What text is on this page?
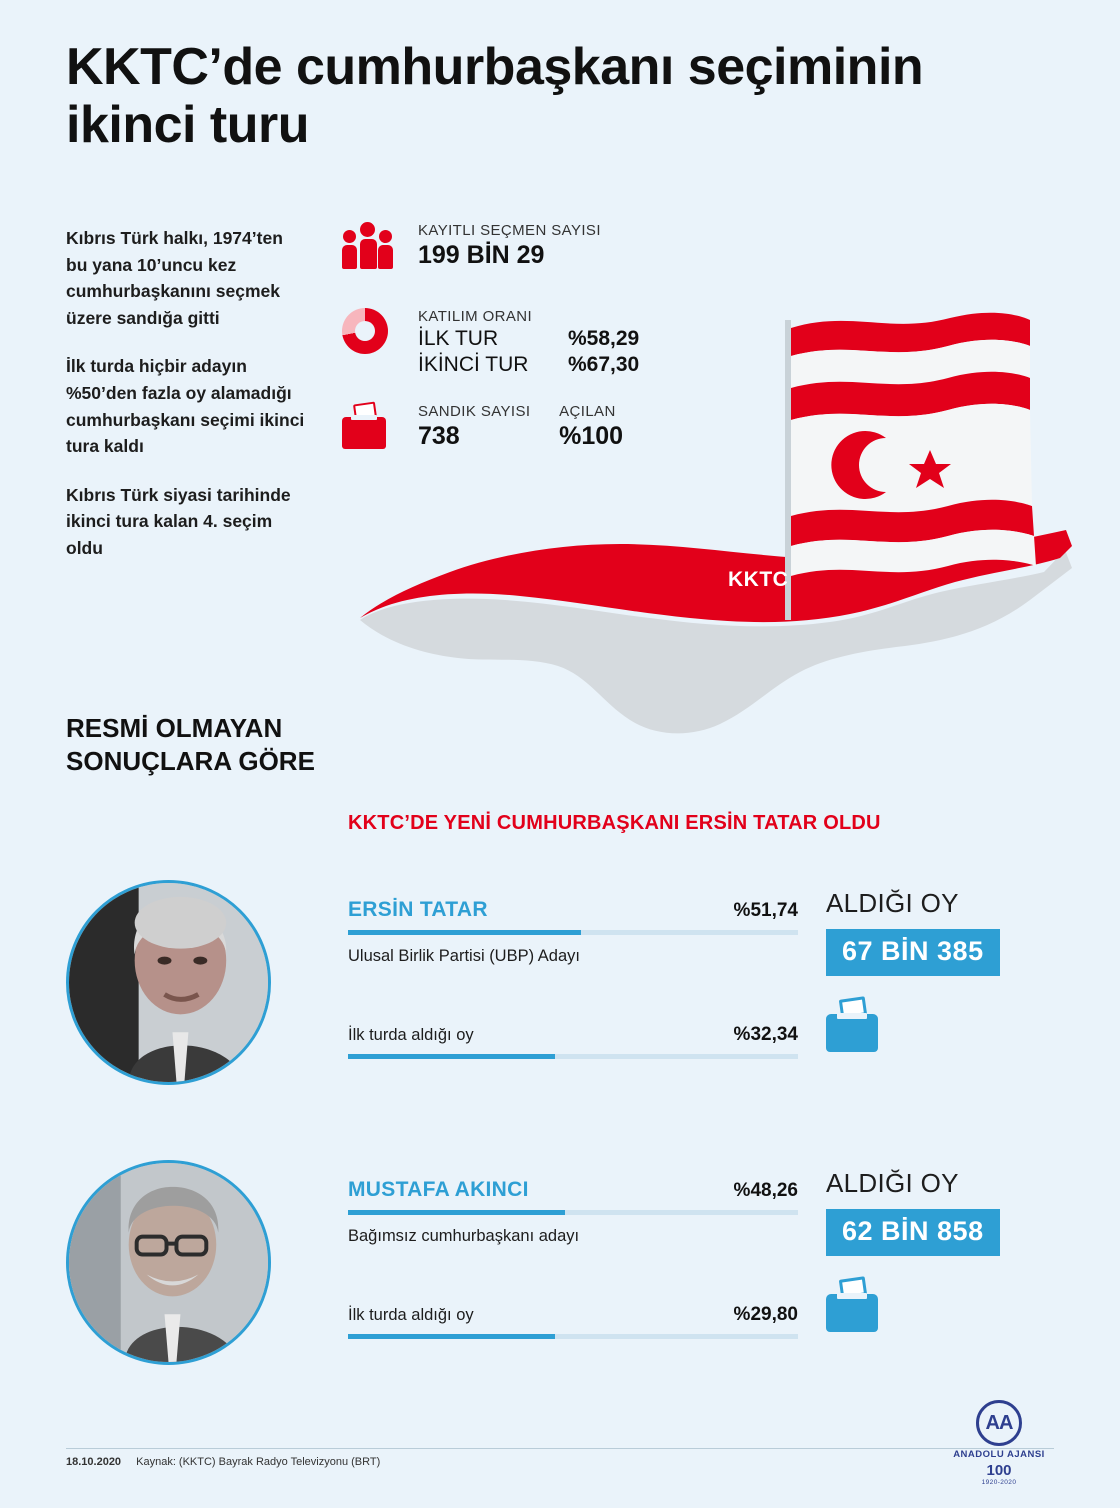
KKTC’de cumhurbaşkanı seçiminin ikinci turu

Kıbrıs Türk halkı, 1974’ten bu yana 10’uncu kez cumhurbaşkanını seçmek üzere sandığa gitti

İlk turda hiçbir adayın %50’den fazla oy alamadığı cumhurbaşkanı seçimi ikinci tura kaldı

Kıbrıs Türk siyasi tarihinde ikinci tura kalan 4. seçim oldu

RESMİ OLMAYAN SONUÇLARA GÖRE
KAYITLI SEÇMEN SAYISI
199 BİN 29
KATILIM ORANI
İLK TUR	%58,29
İKİNCİ TUR	%67,30
SANDIK SAYISI
738
AÇILAN
%100
KKTC
KKTC’DE YENİ CUMHURBAŞKANI ERSİN TATAR OLDU
ERSİN TATAR	%51,74
Ulusal Birlik Partisi (UBP) Adayı
İlk turda aldığı oy	%32,34
ALDIĞI OY
67 BİN 385
MUSTAFA AKINCI	%48,26
Bağımsız cumhurbaşkanı adayı
İlk turda aldığı oy	%29,80
ALDIĞI OY
62 BİN 858
18.10.2020 Kaynak: (KKTC) Bayrak Radyo Televizyonu (BRT)
AA
ANADOLU AJANSI
100
1920-2020
